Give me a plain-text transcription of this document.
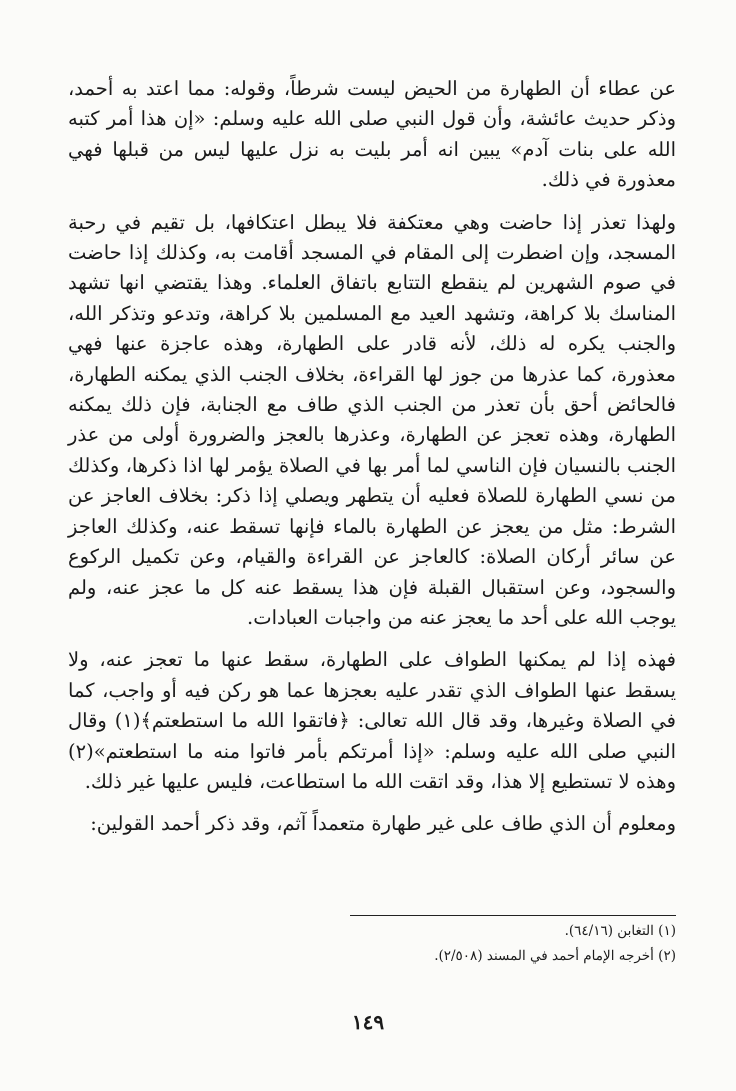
عن عطاء أن الطهارة من الحيض ليست شرطاً، وقوله: مما اعتد به أحمد، وذكر حديث عائشة، وأن قول النبي صلى الله عليه وسلم: «إن هذا أمر كتبه الله على بنات آدم» يبين انه أمر بليت به نزل عليها ليس من قبلها فهي معذورة في ذلك.

ولهذا تعذر إذا حاضت وهي معتكفة فلا يبطل اعتكافها، بل تقيم في رحبة المسجد، وإن اضطرت إلى المقام في المسجد أقامت به، وكذلك إذا حاضت في صوم الشهرين لم ينقطع التتابع باتفاق العلماء. وهذا يقتضي انها تشهد المناسك بلا كراهة، وتشهد العيد مع المسلمين بلا كراهة، وتدعو وتذكر الله، والجنب يكره له ذلك، لأنه قادر على الطهارة، وهذه عاجزة عنها فهي معذورة، كما عذرها من جوز لها القراءة، بخلاف الجنب الذي يمكنه الطهارة، فالحائض أحق بأن تعذر من الجنب الذي طاف مع الجنابة، فإن ذلك يمكنه الطهارة، وهذه تعجز عن الطهارة، وعذرها بالعجز والضرورة أولى من عذر الجنب بالنسيان فإن الناسي لما أمر بها في الصلاة يؤمر لها اذا ذكرها، وكذلك من نسي الطهارة للصلاة فعليه أن يتطهر ويصلي إذا ذكر: بخلاف العاجز عن الشرط: مثل من يعجز عن الطهارة بالماء فإنها تسقط عنه، وكذلك العاجز عن سائر أركان الصلاة: كالعاجز عن القراءة والقيام، وعن تكميل الركوع والسجود، وعن استقبال القبلة فإن هذا يسقط عنه كل ما عجز عنه، ولم يوجب الله على أحد ما يعجز عنه من واجبات العبادات.

فهذه إذا لم يمكنها الطواف على الطهارة، سقط عنها ما تعجز عنه، ولا يسقط عنها الطواف الذي تقدر عليه بعجزها عما هو ركن فيه أو واجب، كما في الصلاة وغيرها، وقد قال الله تعالى: ﴿فاتقوا الله ما استطعتم﴾(١) وقال النبي صلى الله عليه وسلم: «إذا أمرتكم بأمر فاتوا منه ما استطعتم»(٢) وهذه لا تستطيع إلا هذا، وقد اتقت الله ما استطاعت، فليس عليها غير ذلك.

ومعلوم أن الذي طاف على غير طهارة متعمداً آثم، وقد ذكر أحمد القولين:

(١) التغابن (٦٤/١٦).

(٢) أخرجه الإمام أحمد في المسند (٢/٥٠٨).

١٤٩
